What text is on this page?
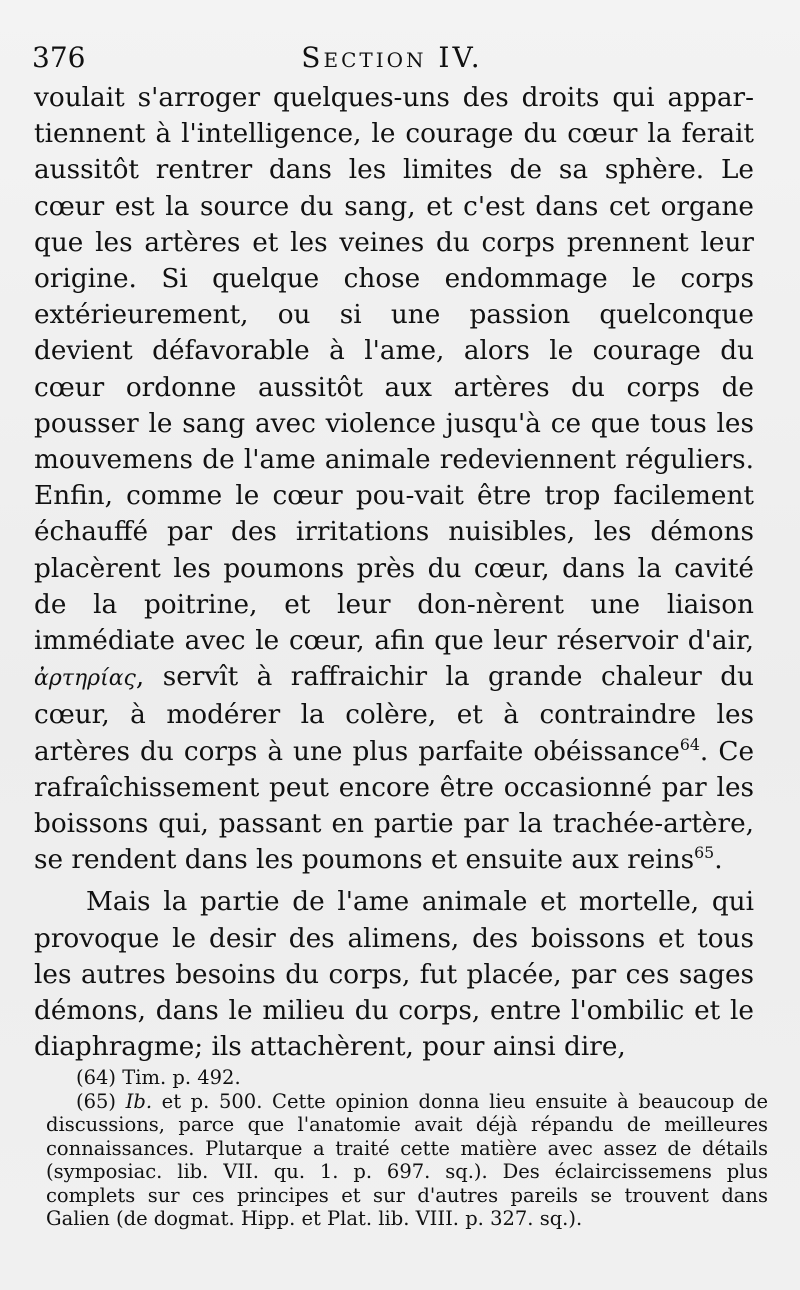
376	Section IV.

voulait s'arroger quelques-uns des droits qui appar-tiennent à l'intelligence, le courage du cœur la ferait aussitôt rentrer dans les limites de sa sphère. Le cœur est la source du sang, et c'est dans cet organe que les artères et les veines du corps prennent leur origine. Si quelque chose endommage le corps extérieurement, ou si une passion quelconque devient défavorable à l'ame, alors le courage du cœur ordonne aussitôt aux artères du corps de pousser le sang avec violence jusqu'à ce que tous les mouvemens de l'ame animale redeviennent réguliers. Enfin, comme le cœur pou-vait être trop facilement échauffé par des irritations nuisibles, les démons placèrent les poumons près du cœur, dans la cavité de la poitrine, et leur don-nèrent une liaison immédiate avec le cœur, afin que leur réservoir d'air, ἀρτηρίας, servît à raffraichir la grande chaleur du cœur, à modérer la colère, et à contraindre les artères du corps à une plus parfaite obéissance$^{64}$. Ce rafraîchissement peut encore être occasionné par les boissons qui, passant en partie par la trachée-artère, se rendent dans les poumons et ensuite aux reins$^{65}$.

Mais la partie de l'ame animale et mortelle, qui provoque le desir des alimens, des boissons et tous les autres besoins du corps, fut placée, par ces sages démons, dans le milieu du corps, entre l'ombilic et le diaphragme; ils attachèrent, pour ainsi dire,

(64) Tim. p. 492.

(65) Ib. et p. 500. Cette opinion donna lieu ensuite à beaucoup de discussions, parce que l'anatomie avait déjà répandu de meilleures connaissances. Plutarque a traité cette matière avec assez de détails (symposiac. lib. VII. qu. 1. p. 697. sq.). Des éclaircissemens plus complets sur ces principes et sur d'autres pareils se trouvent dans Galien (de dogmat. Hipp. et Plat. lib. VIII. p. 327. sq.).
